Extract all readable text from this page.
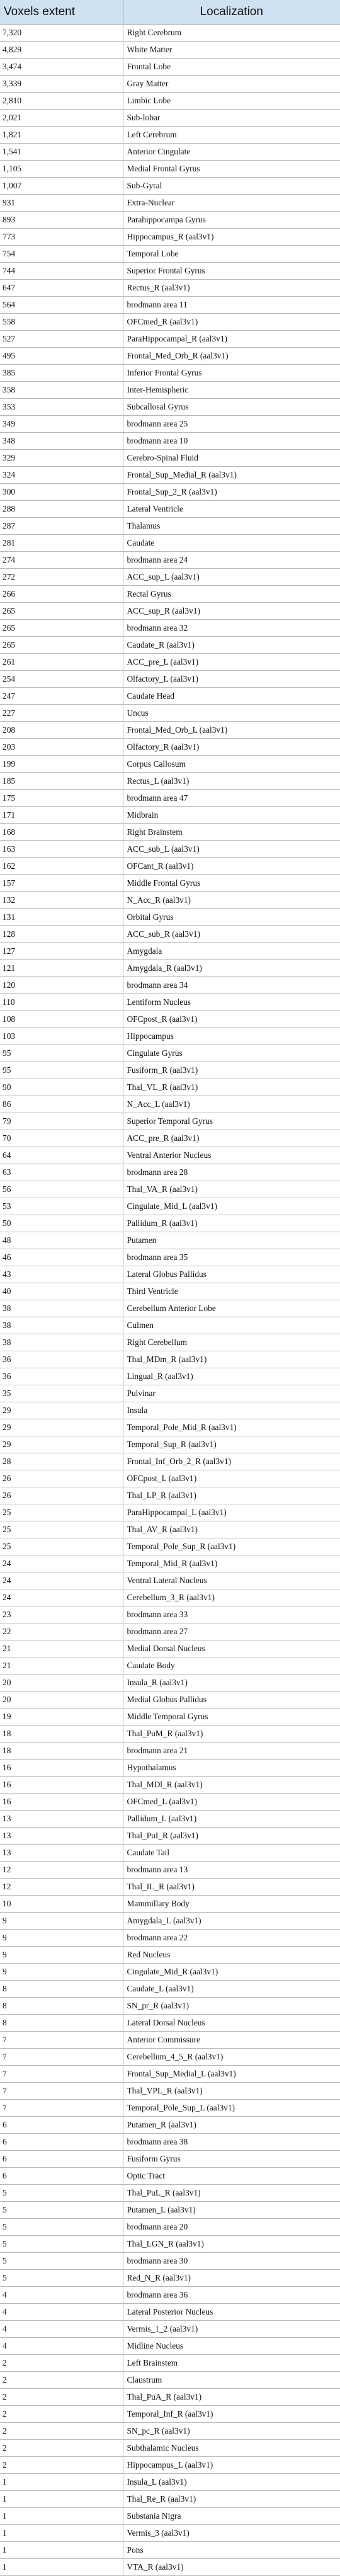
Voxels extent	Localization
7,320	Right Cerebrum
4,829	White Matter
3,474	Frontal Lobe
3,339	Gray Matter
2,810	Limbic Lobe
2,021	Sub-lobar
1,821	Left Cerebrum
1,541	Anterior Cingulate
1,105	Medial Frontal Gyrus
1,007	Sub-Gyral
931	Extra-Nuclear
893	Parahippocampa Gyrus
773	Hippocampus_R (aal3v1)
754	Temporal Lobe
744	Superior Frontal Gyrus
647	Rectus_R (aal3v1)
564	brodmann area 11
558	OFCmed_R (aal3v1)
527	ParaHippocampal_R (aal3v1)
495	Frontal_Med_Orb_R (aal3v1)
385	Inferior Frontal Gyrus
358	Inter-Hemispheric
353	Subcallosal Gyrus
349	brodmann area 25
348	brodmann area 10
329	Cerebro-Spinal Fluid
324	Frontal_Sup_Medial_R (aal3v1)
300	Frontal_Sup_2_R (aal3v1)
288	Lateral Ventricle
287	Thalamus
281	Caudate
274	brodmann area 24
272	ACC_sup_L (aal3v1)
266	Rectal Gyrus
265	ACC_sup_R (aal3v1)
265	brodmann area 32
265	Caudate_R (aal3v1)
261	ACC_pre_L (aal3v1)
254	Olfactory_L (aal3v1)
247	Caudate Head
227	Uncus
208	Frontal_Med_Orb_L (aal3v1)
203	Olfactory_R (aal3v1)
199	Corpus Callosum
185	Rectus_L (aal3v1)
175	brodmann area 47
171	Midbrain
168	Right Brainstem
163	ACC_sub_L (aal3v1)
162	OFCant_R (aal3v1)
157	Middle Frontal Gyrus
132	N_Acc_R (aal3v1)
131	Orbital Gyrus
128	ACC_sub_R (aal3v1)
127	Amygdala
121	Amygdala_R (aal3v1)
120	brodmann area 34
110	Lentiform Nucleus
108	OFCpost_R (aal3v1)
103	Hippocampus
95	Cingulate Gyrus
95	Fusiform_R (aal3v1)
90	Thal_VL_R (aal3v1)
86	N_Acc_L (aal3v1)
79	Superior Temporal Gyrus
70	ACC_pre_R (aal3v1)
64	Ventral Anterior Nucleus
63	brodmann area 28
56	Thal_VA_R (aal3v1)
53	Cingulate_Mid_L (aal3v1)
50	Pallidum_R (aal3v1)
48	Putamen
46	brodmann area 35
43	Lateral Globus Pallidus
40	Third Ventricle
38	Cerebellum Anterior Lobe
38	Culmen
38	Right Cerebellum
36	Thal_MDm_R (aal3v1)
36	Lingual_R (aal3v1)
35	Pulvinar
29	Insula
29	Temporal_Pole_Mid_R (aal3v1)
29	Temporal_Sup_R (aal3v1)
28	Frontal_Inf_Orb_2_R (aal3v1)
26	OFCpost_L (aal3v1)
26	Thal_LP_R (aal3v1)
25	ParaHippocampal_L (aal3v1)
25	Thal_AV_R (aal3v1)
25	Temporal_Pole_Sup_R (aal3v1)
24	Temporal_Mid_R (aal3v1)
24	Ventral Lateral Nucleus
24	Cerebellum_3_R (aal3v1)
23	brodmann area 33
22	brodmann area 27
21	Medial Dorsal Nucleus
21	Caudate Body
20	Insula_R (aal3v1)
20	Medial Globus Pallidus
19	Middle Temporal Gyrus
18	Thal_PuM_R (aal3v1)
18	brodmann area 21
16	Hypothalamus
16	Thal_MDl_R (aal3v1)
16	OFCmed_L (aal3v1)
13	Pallidum_L (aal3v1)
13	Thal_PuI_R (aal3v1)
13	Caudate Tail
12	brodmann area 13
12	Thal_IL_R (aal3v1)
10	Mammillary Body
9	Amygdala_L (aal3v1)
9	brodmann area 22
9	Red Nucleus
9	Cingulate_Mid_R (aal3v1)
8	Caudate_L (aal3v1)
8	SN_pr_R (aal3v1)
8	Lateral Dorsal Nucleus
7	Anterior Commissure
7	Cerebellum_4_5_R (aal3v1)
7	Frontal_Sup_Medial_L (aal3v1)
7	Thal_VPL_R (aal3v1)
7	Temporal_Pole_Sup_L (aal3v1)
6	Putamen_R (aal3v1)
6	brodmann area 38
6	Fusiform Gyrus
6	Optic Tract
5	Thal_PuL_R (aal3v1)
5	Putamen_L (aal3v1)
5	brodmann area 20
5	Thal_LGN_R (aal3v1)
5	brodmann area 30
5	Red_N_R (aal3v1)
4	brodmann area 36
4	Lateral Posterior Nucleus
4	Vermis_1_2 (aal3v1)
4	Midline Nucleus
2	Left Brainstem
2	Claustrum
2	Thal_PuA_R (aal3v1)
2	Temporal_Inf_R (aal3v1)
2	SN_pc_R (aal3v1)
2	Subthalamic Nucleus
2	Hippocampus_L (aal3v1)
1	Insula_L (aal3v1)
1	Thal_Re_R (aal3v1)
1	Substania Nigra
1	Vermis_3 (aal3v1)
1	Pons
1	VTA_R (aal3v1)
